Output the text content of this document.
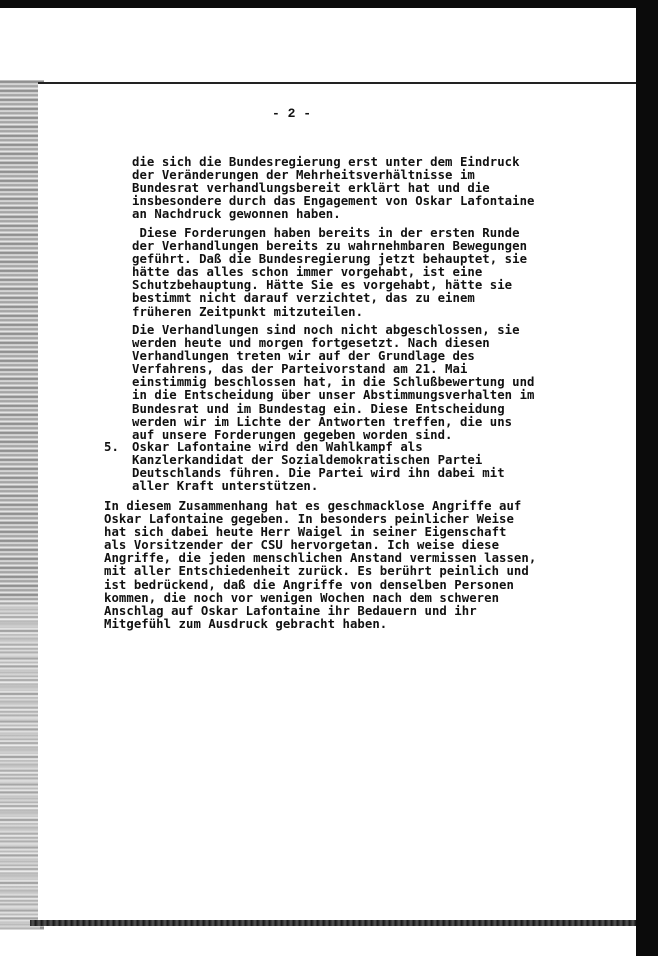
- 2 -
die sich die Bundesregierung erst unter dem Eindruck
der Veränderungen der Mehrheitsverhältnisse im
Bundesrat verhandlungsbereit erklärt hat und die
insbesondere durch das Engagement von Oskar Lafontaine
an Nachdruck gewonnen haben.
Diese Forderungen haben bereits in der ersten Runde
der Verhandlungen bereits zu wahrnehmbaren Bewegungen
geführt. Daß die Bundesregierung jetzt behauptet, sie
hätte das alles schon immer vorgehabt, ist eine
Schutzbehauptung. Hätte Sie es vorgehabt, hätte sie
bestimmt nicht darauf verzichtet, das zu einem
früheren Zeitpunkt mitzuteilen.
Die Verhandlungen sind noch nicht abgeschlossen, sie
werden heute und morgen fortgesetzt. Nach diesen
Verhandlungen treten wir auf der Grundlage des
Verfahrens, das der Parteivorstand am 21. Mai
einstimmig beschlossen hat, in die Schlußbewertung und
in die Entscheidung über unser Abstimmungsverhalten im
Bundesrat und im Bundestag ein. Diese Entscheidung
werden wir im Lichte der Antworten treffen, die uns
auf unsere Forderungen gegeben worden sind.
5. Oskar Lafontaine wird den Wahlkampf als
Kanzlerkandidat der Sozialdemokratischen Partei
Deutschlands führen. Die Partei wird ihn dabei mit
aller Kraft unterstützen.
In diesem Zusammenhang hat es geschmacklose Angriffe auf
Oskar Lafontaine gegeben. In besonders peinlicher Weise
hat sich dabei heute Herr Waigel in seiner Eigenschaft
als Vorsitzender der CSU hervorgetan. Ich weise diese
Angriffe, die jeden menschlichen Anstand vermissen lassen,
mit aller Entschiedenheit zurück. Es berührt peinlich und
ist bedrückend, daß die Angriffe von denselben Personen
kommen, die noch vor wenigen Wochen nach dem schweren
Anschlag auf Oskar Lafontaine ihr Bedauern und ihr
Mitgefühl zum Ausdruck gebracht haben.
